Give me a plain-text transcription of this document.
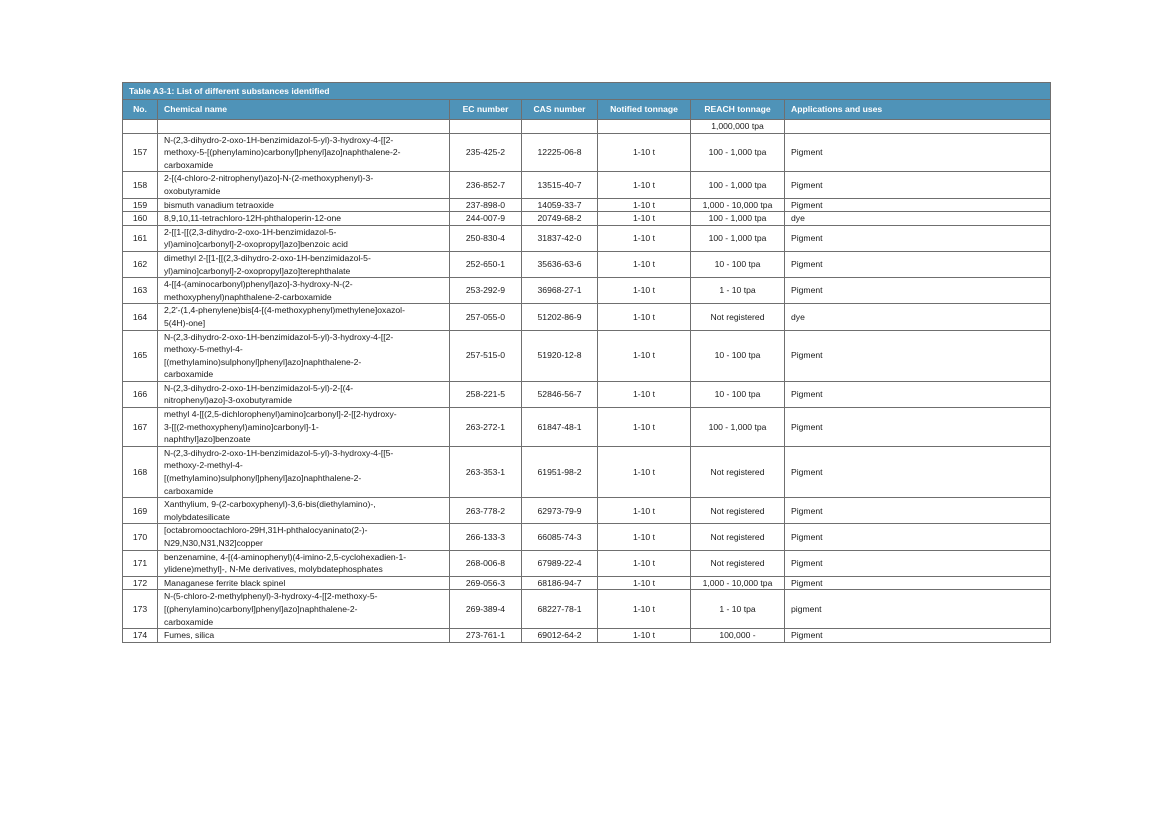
Table A3-1: List of different substances identified						
No.	Chemical name	EC number	CAS number	Notified tonnage	REACH tonnage	Applications and uses
					1,000,000 tpa	
157	N-(2,3-dihydro-2-oxo-1H-benzimidazol-5-yl)-3-hydroxy-4-[[2-
methoxy-5-[(phenylamino)carbonyl]phenyl]azo]naphthalene-2-
carboxamide	235-425-2	12225-06-8	1-10 t	100 - 1,000 tpa	Pigment
158	2-[(4-chloro-2-nitrophenyl)azo]-N-(2-methoxyphenyl)-3-
oxobutyramide	236-852-7	13515-40-7	1-10 t	100 - 1,000 tpa	Pigment
159	bismuth vanadium tetraoxide	237-898-0	14059-33-7	1-10 t	1,000 - 10,000 tpa	Pigment
160	8,9,10,11-tetrachloro-12H-phthaloperin-12-one	244-007-9	20749-68-2	1-10 t	100 - 1,000 tpa	dye
161	2-[[1-[[(2,3-dihydro-2-oxo-1H-benzimidazol-5-
yl)amino]carbonyl]-2-oxopropyl]azo]benzoic acid	250-830-4	31837-42-0	1-10 t	100 - 1,000 tpa	Pigment
162	dimethyl 2-[[1-[[(2,3-dihydro-2-oxo-1H-benzimidazol-5-
yl)amino]carbonyl]-2-oxopropyl]azo]terephthalate	252-650-1	35636-63-6	1-10 t	10 - 100 tpa	Pigment
163	4-[[4-(aminocarbonyl)phenyl]azo]-3-hydroxy-N-(2-
methoxyphenyl)naphthalene-2-carboxamide	253-292-9	36968-27-1	1-10 t	1 - 10 tpa	Pigment
164	2,2'-(1,4-phenylene)bis[4-[(4-methoxyphenyl)methylene]oxazol-
5(4H)-one]	257-055-0	51202-86-9	1-10 t	Not registered	dye
165	N-(2,3-dihydro-2-oxo-1H-benzimidazol-5-yl)-3-hydroxy-4-[[2-
methoxy-5-methyl-4-
[(methylamino)sulphonyl]phenyl]azo]naphthalene-2-
carboxamide	257-515-0	51920-12-8	1-10 t	10 - 100 tpa	Pigment
166	N-(2,3-dihydro-2-oxo-1H-benzimidazol-5-yl)-2-[(4-
nitrophenyl)azo]-3-oxobutyramide	258-221-5	52846-56-7	1-10 t	10 - 100 tpa	Pigment
167	methyl 4-[[(2,5-dichlorophenyl)amino]carbonyl]-2-[[2-hydroxy-
3-[[(2-methoxyphenyl)amino]carbonyl]-1-
naphthyl]azo]benzoate	263-272-1	61847-48-1	1-10 t	100 - 1,000 tpa	Pigment
168	N-(2,3-dihydro-2-oxo-1H-benzimidazol-5-yl)-3-hydroxy-4-[[5-
methoxy-2-methyl-4-
[(methylamino)sulphonyl]phenyl]azo]naphthalene-2-
carboxamide	263-353-1	61951-98-2	1-10 t	Not registered	Pigment
169	Xanthylium, 9-(2-carboxyphenyl)-3,6-bis(diethylamino)-,
molybdatesilicate	263-778-2	62973-79-9	1-10 t	Not registered	Pigment
170	[octabromooctachloro-29H,31H-phthalocyaninato(2-)-
N29,N30,N31,N32]copper	266-133-3	66085-74-3	1-10 t	Not registered	Pigment
171	benzenamine, 4-[(4-aminophenyl)(4-imino-2,5-cyclohexadien-1-
ylidene)methyl]-, N-Me derivatives, molybdatephosphates	268-006-8	67989-22-4	1-10 t	Not registered	Pigment
172	Managanese ferrite black spinel	269-056-3	68186-94-7	1-10 t	1,000 - 10,000 tpa	Pigment
173	N-(5-chloro-2-methylphenyl)-3-hydroxy-4-[[2-methoxy-5-
[(phenylamino)carbonyl]phenyl]azo]naphthalene-2-
carboxamide	269-389-4	68227-78-1	1-10 t	1 - 10 tpa	pigment
174	Fumes, silica	273-761-1	69012-64-2	1-10 t	100,000 -	Pigment
